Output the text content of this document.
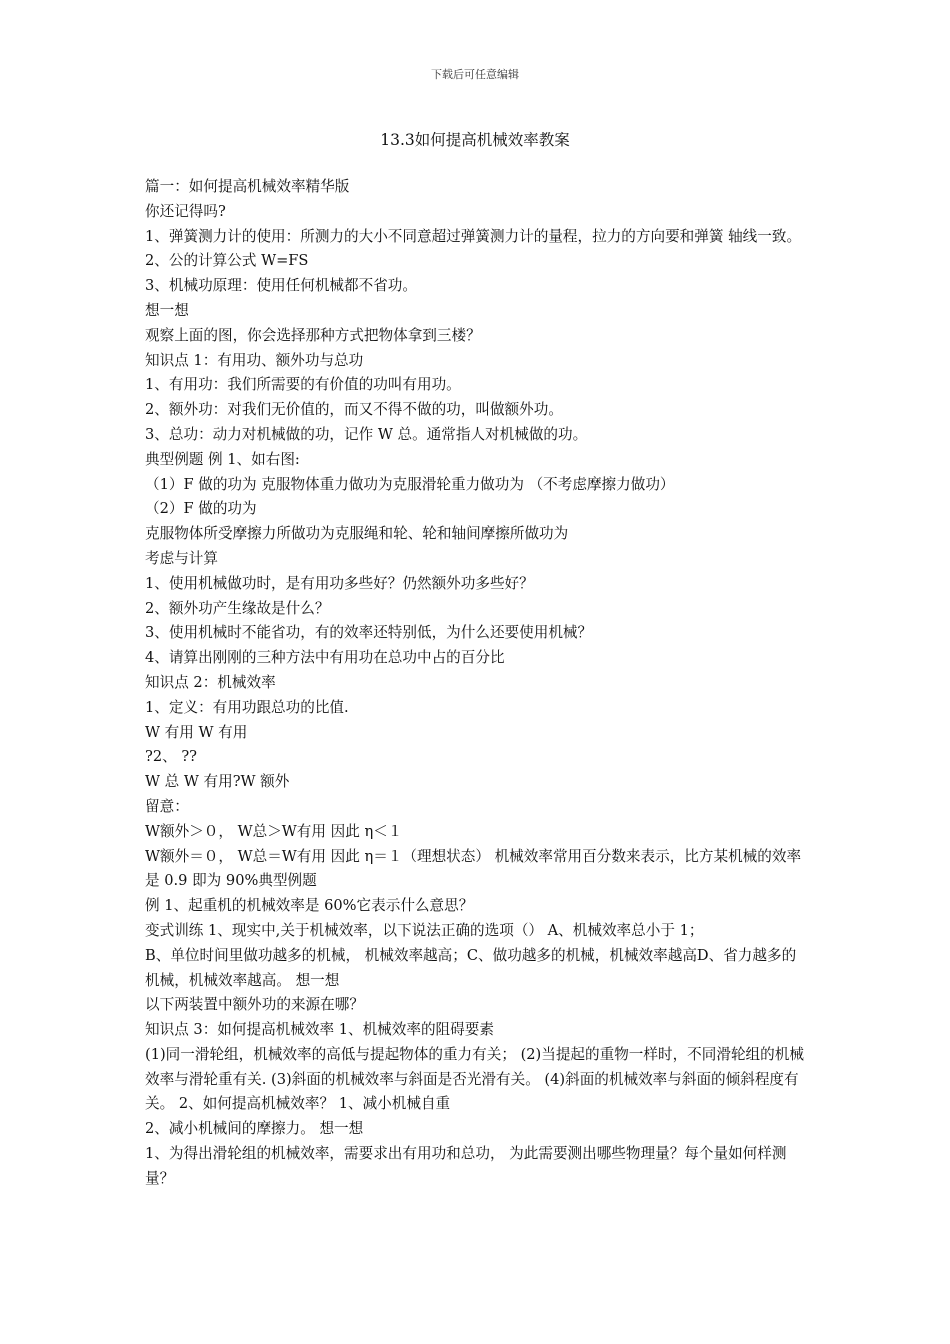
下载后可任意编辑
13.3如何提高机械效率教案
篇一：如何提高机械效率精华版
你还记得吗?
1、弹簧测力计的使用：所测力的大小不同意超过弹簧测力计的量程，拉力的方向要和弹簧 轴线一致。
2、公的计算公式 W=FS
3、机械功原理：使用任何机械都不省功。
想一想
观察上面的图，你会选择那种方式把物体拿到三楼？
知识点 1：有用功、额外功与总功
1、有用功：我们所需要的有价值的功叫有用功。
2、额外功：对我们无价值的，而又不得不做的功，叫做额外功。
3、总功：动力对机械做的功，记作 W 总。通常指人对机械做的功。
典型例题 例 1、如右图:
（1）F 做的功为 克服物体重力做功为克服滑轮重力做功为 （不考虑摩擦力做功）
（2）F 做的功为
克服物体所受摩擦力所做功为克服绳和轮、轮和轴间摩擦所做功为
考虑与计算
1、使用机械做功时，是有用功多些好？仍然额外功多些好？
2、额外功产生缘故是什么？
3、使用机械时不能省功，有的效率还特别低，为什么还要使用机械？
4、请算出刚刚的三种方法中有用功在总功中占的百分比
知识点 2：机械效率
1、定义：有用功跟总功的比值.
W 有用 W 有用
?2、 ??
W 总 W 有用?W 额外
留意：
W额外＞０， W总＞W有用 因此 η＜１
W额外＝０， W总＝W有用 因此 η＝１（理想状态） 机械效率常用百分数来表示，比方某机械的效率是 0.9 即为 90%典型例题
例 1、起重机的机械效率是 60%它表示什么意思？
变式训练 1、现实中,关于机械效率，以下说法正确的选项（） A、机械效率总小于 1；
B、单位时间里做功越多的机械， 机械效率越高；C、做功越多的机械，机械效率越高D、省力越多的机械，机械效率越高。 想一想
以下两装置中额外功的来源在哪？
知识点 3：如何提高机械效率 1、机械效率的阻碍要素
(1)同一滑轮组，机械效率的高低与提起物体的重力有关； (2)当提起的重物一样时，不同滑轮组的机械效率与滑轮重有关. (3)斜面的机械效率与斜面是否光滑有关。 (4)斜面的机械效率与斜面的倾斜程度有关。 2、如何提高机械效率？ 1、减小机械自重
2、减小机械间的摩擦力。 想一想
1、为得出滑轮组的机械效率，需要求出有用功和总功， 为此需要测出哪些物理量？每个量如何样测量？
